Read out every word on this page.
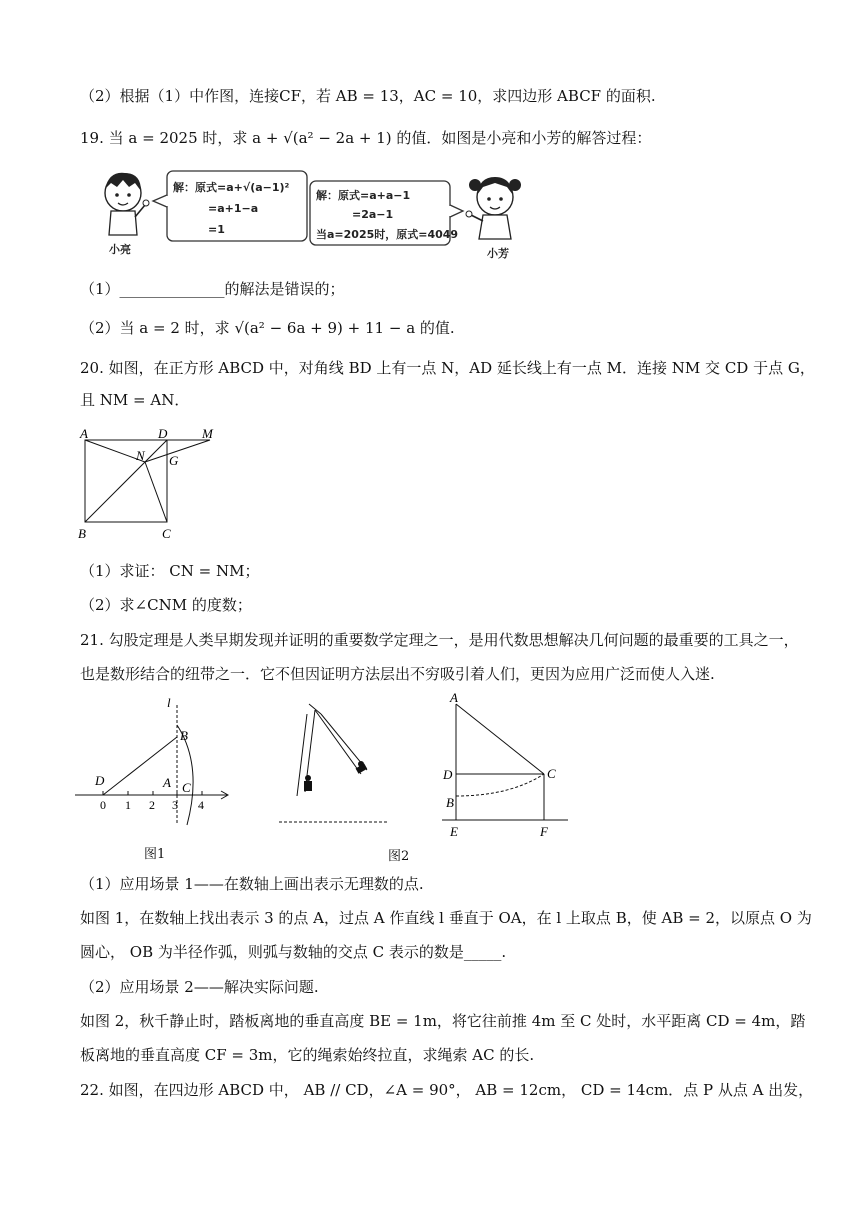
（2）根据（1）中作图，连接CF，若 AB = 13，AC = 10，求四边形 ABCF 的面积.
19. 当 a = 2025 时，求 a + √(a² − 2a + 1) 的值．如图是小亮和小芳的解答过程：
小亮
解：原式=a+√(a−1)²
=a+1−a
=1
解：原式=a+a−1
=2a−1
当a=2025时，原式=4049
小芳
（1）______________的解法是错误的；
（2）当 a = 2 时，求 √(a² − 6a + 9) + 11 − a 的值.
20. 如图，在正方形 ABCD 中，对角线 BD 上有一点 N，AD 延长线上有一点 M．连接 NM 交 CD 于点 G，
且 NM = AN．
A	D	M
N G
B	C
（1）求证： CN = NM；
（2）求∠CNM 的度数；
21. 勾股定理是人类早期发现并证明的重要数学定理之一，是用代数思想解决几何问题的最重要的工具之一，
也是数形结合的纽带之一．它不但因证明方法层出不穷吸引着人们，更因为应用广泛而使人入迷.
l
B
D	A C
0 1 2 3 4
图1	图2
A
D
B
C
E	F
（1）应用场景 1——在数轴上画出表示无理数的点.
如图 1，在数轴上找出表示 3 的点 A，过点 A 作直线 l 垂直于 OA，在 l 上取点 B，使 AB = 2，以原点 O 为
圆心， OB 为半径作弧，则弧与数轴的交点 C 表示的数是_____.
（2）应用场景 2——解决实际问题.
如图 2，秋千静止时，踏板离地的垂直高度 BE = 1m，将它往前推 4m 至 C 处时，水平距离 CD = 4m，踏
板离地的垂直高度 CF = 3m，它的绳索始终拉直，求绳索 AC 的长.
22. 如图，在四边形 ABCD 中， AB // CD，∠A = 90°， AB = 12cm， CD = 14cm．点 P 从点 A 出发，
